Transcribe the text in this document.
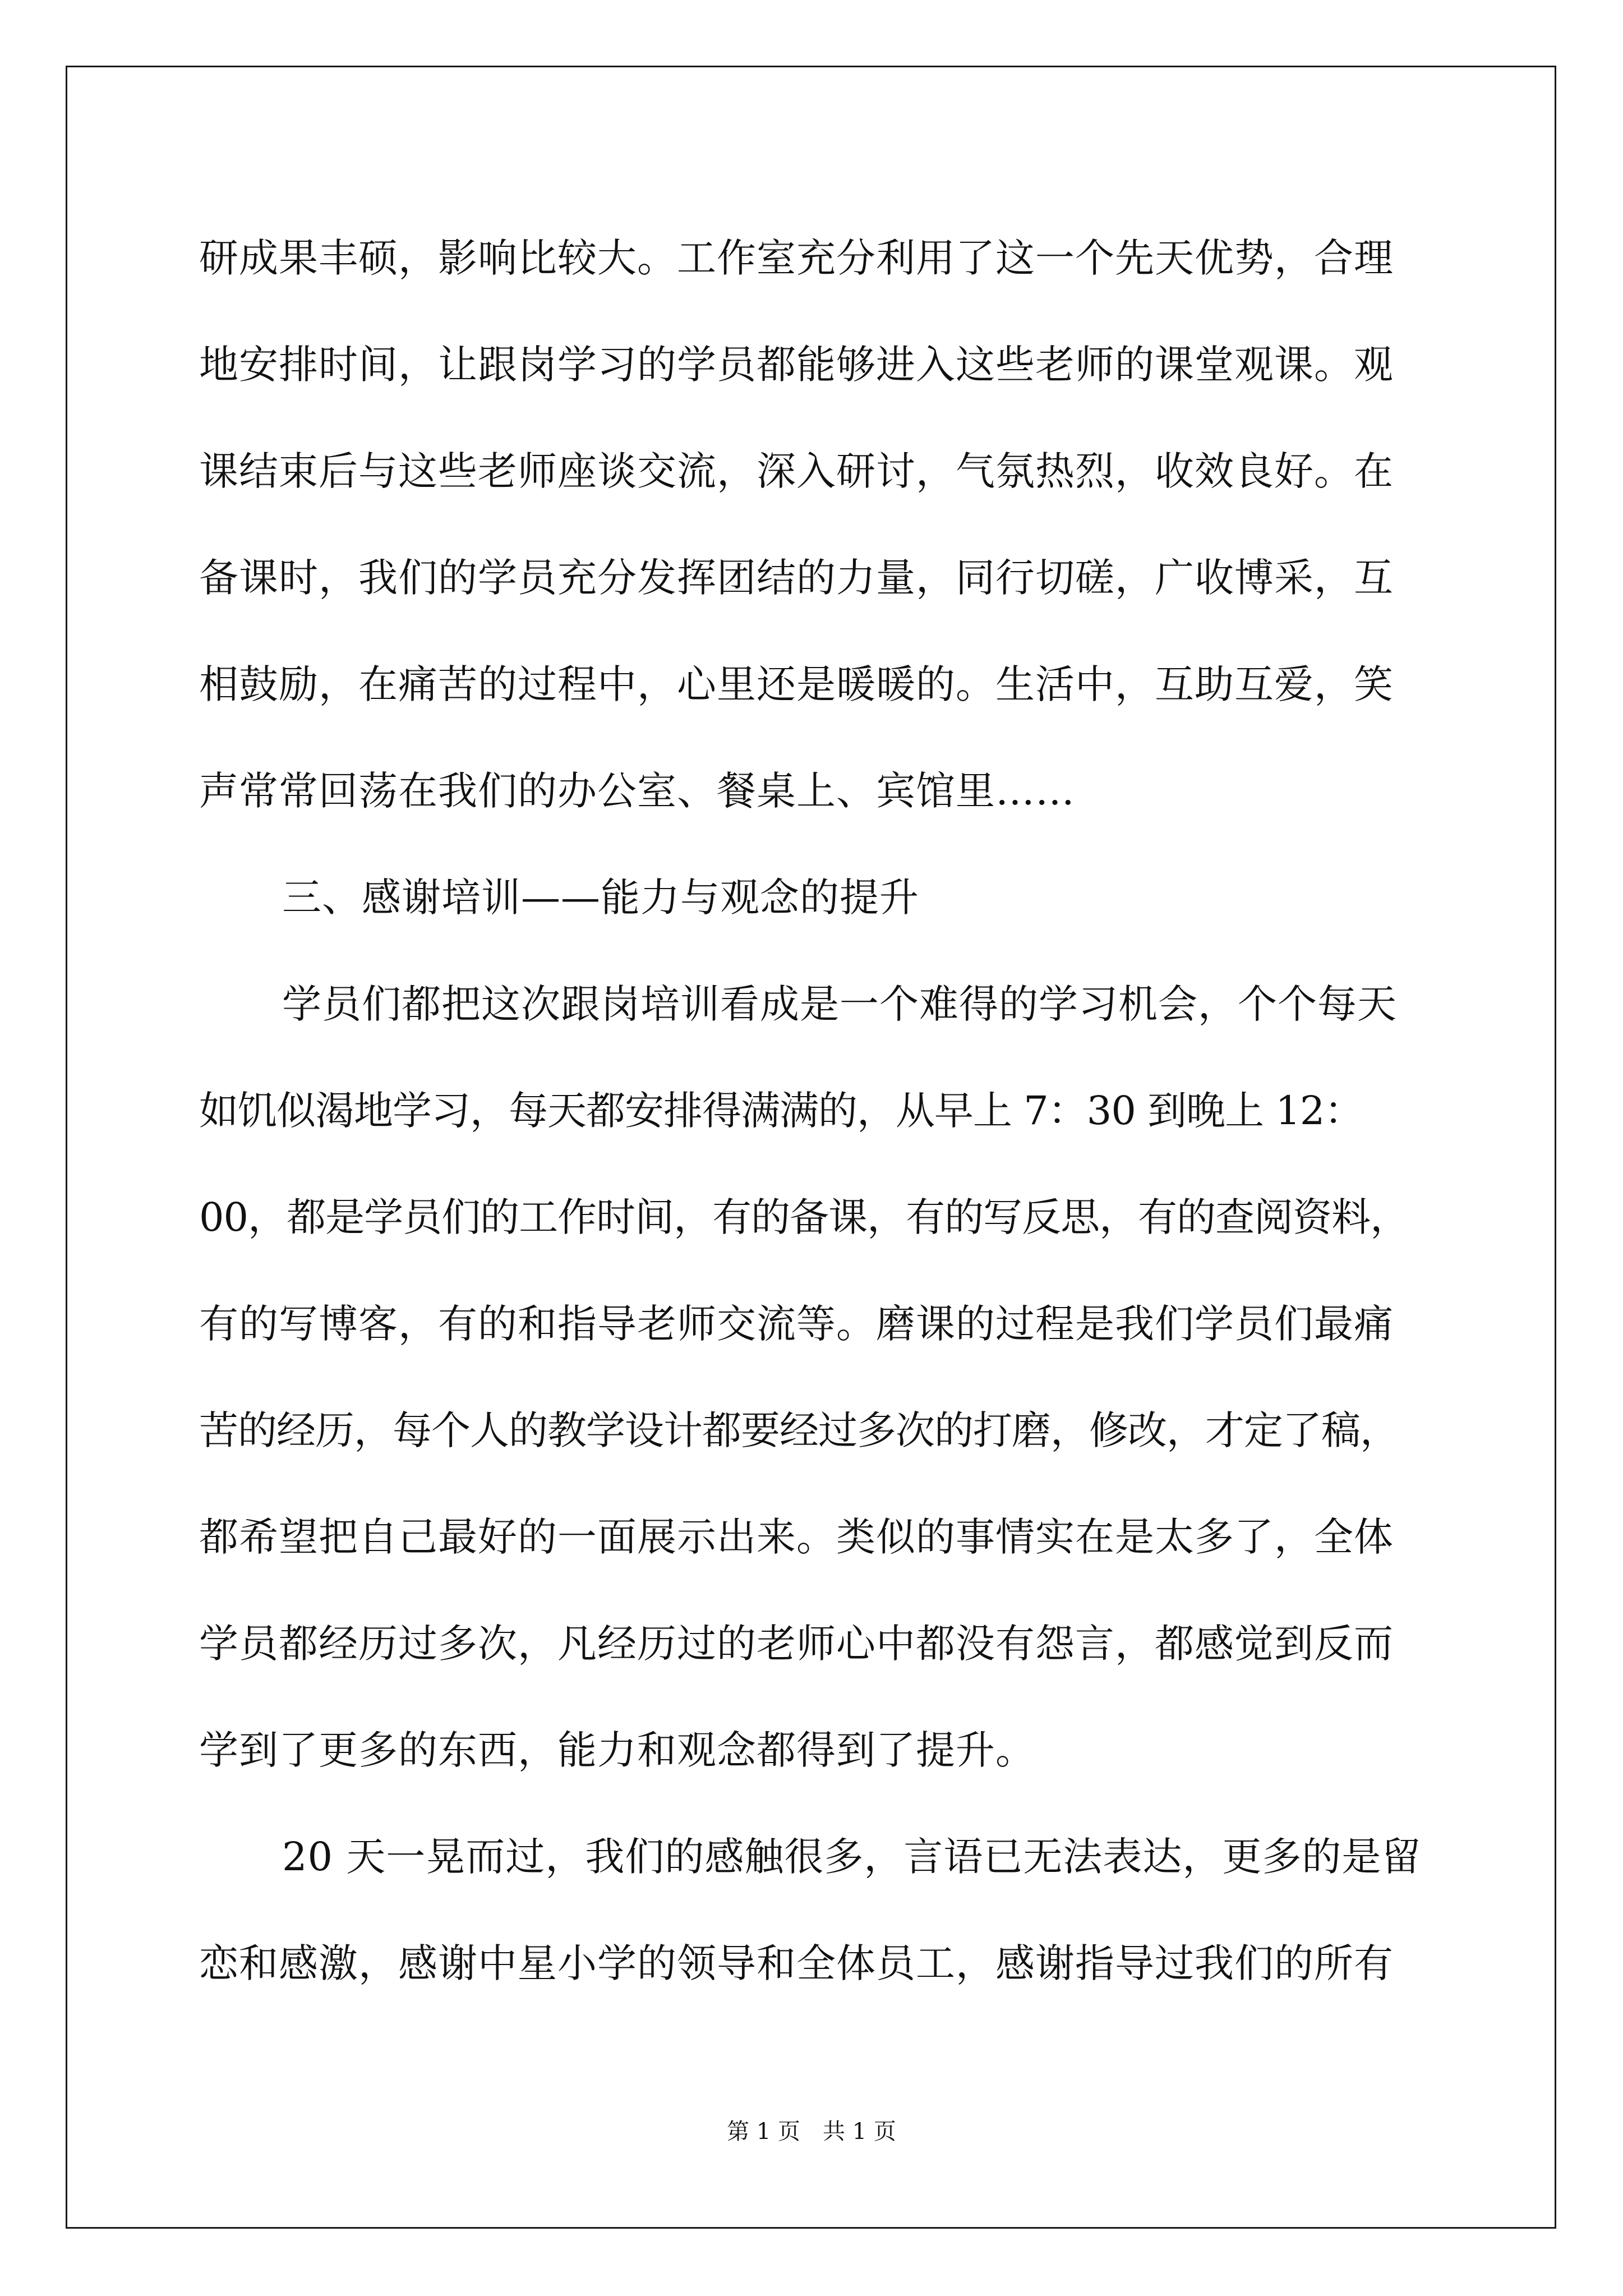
研成果丰硕，影响比较大。工作室充分利用了这一个先天优势，合理
地安排时间，让跟岗学习的学员都能够进入这些老师的课堂观课。观
课结束后与这些老师座谈交流，深入研讨，气氛热烈，收效良好。在
备课时，我们的学员充分发挥团结的力量，同行切磋，广收博采，互
相鼓励，在痛苦的过程中，心里还是暖暖的。生活中，互助互爱，笑
声常常回荡在我们的办公室、餐桌上、宾馆里……
三、感谢培训——能力与观念的提升
学员们都把这次跟岗培训看成是一个难得的学习机会，个个每天
如饥似渴地学习，每天都安排得满满的，从早上 7：30 到晚上 12：
00，都是学员们的工作时间，有的备课，有的写反思，有的查阅资料，
有的写博客，有的和指导老师交流等。磨课的过程是我们学员们最痛
苦的经历，每个人的教学设计都要经过多次的打磨，修改，才定了稿，
都希望把自己最好的一面展示出来。类似的事情实在是太多了，全体
学员都经历过多次，凡经历过的老师心中都没有怨言，都感觉到反而
学到了更多的东西，能力和观念都得到了提升。
20 天一晃而过，我们的感触很多，言语已无法表达，更多的是留
恋和感激，感谢中星小学的领导和全体员工，感谢指导过我们的所有
第 1 页　共 1 页
